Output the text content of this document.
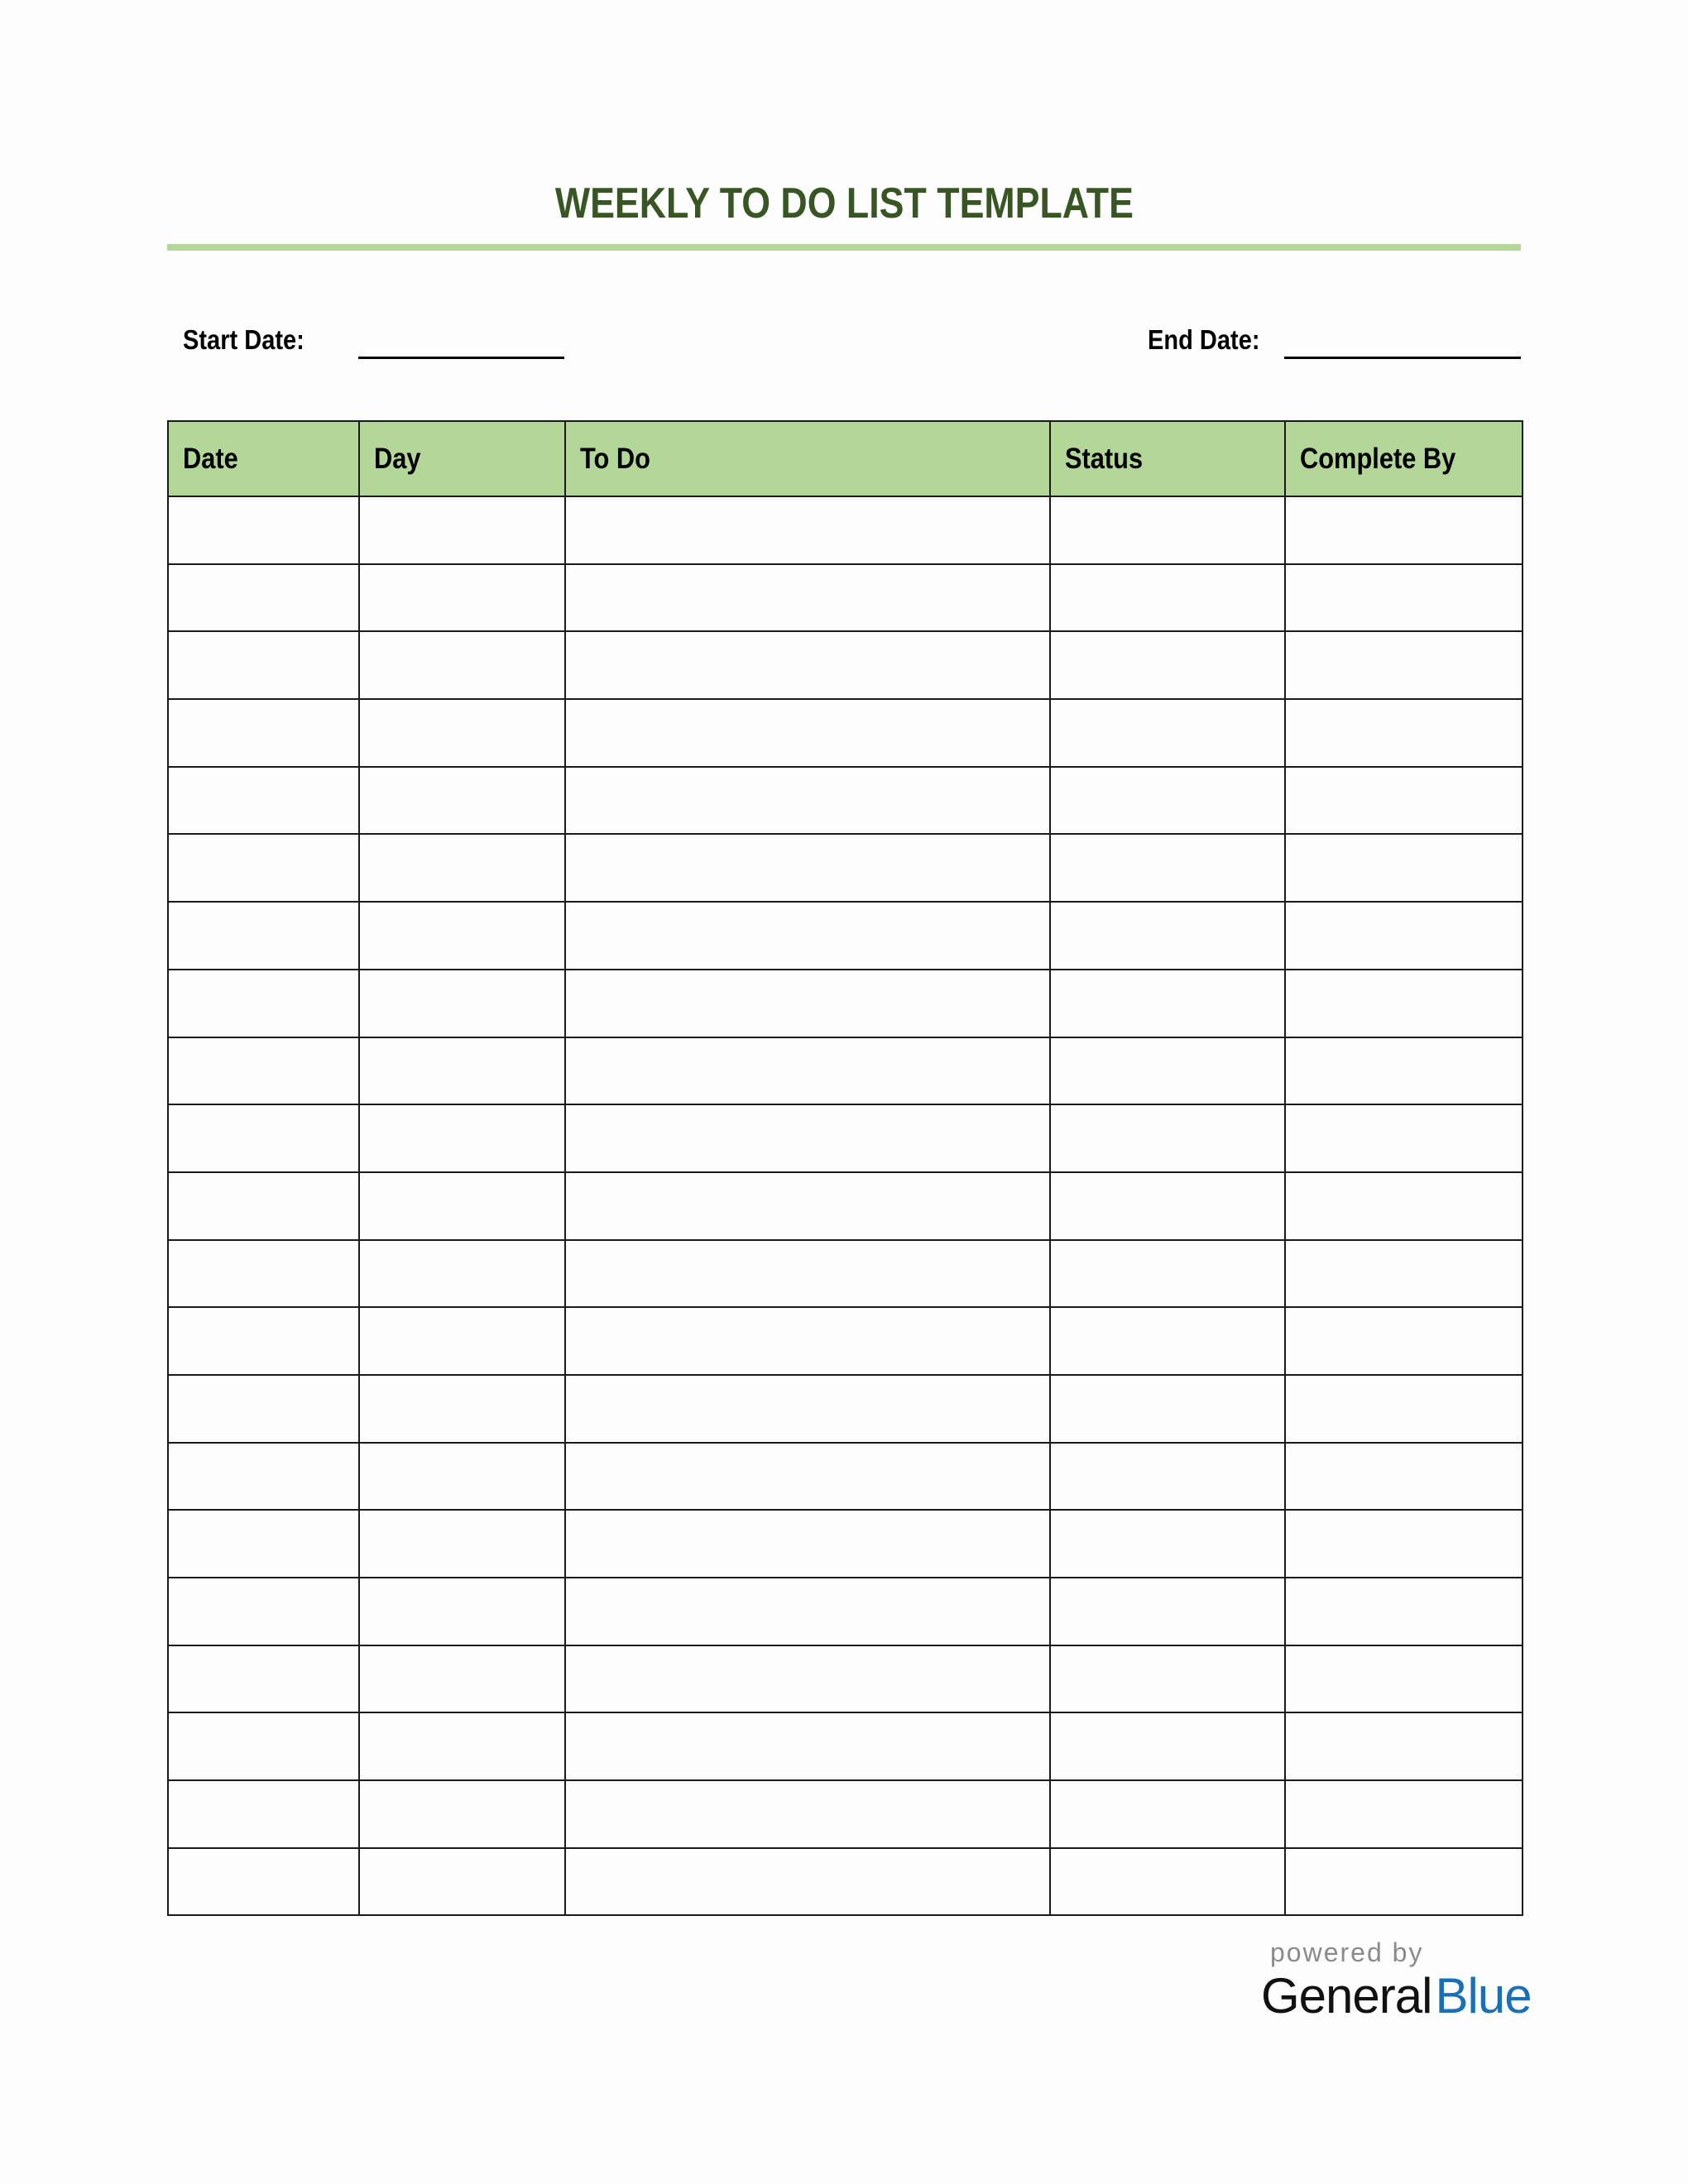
WEEKLY TO DO LIST TEMPLATE
Start Date:	End Date:
Date	Day	To Do	Status	Complete By

powered by
GeneralBlue
